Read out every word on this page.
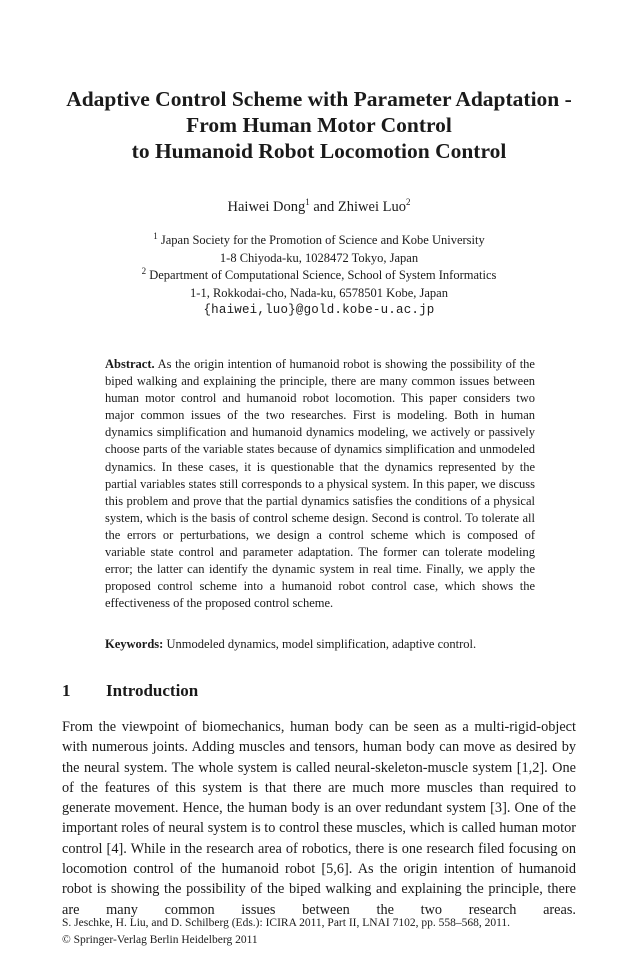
Adaptive Control Scheme with Parameter Adaptation -
From Human Motor Control
to Humanoid Robot Locomotion Control
Haiwei Dong$^1$ and Zhiwei Luo$^2$
$^1$ Japan Society for the Promotion of Science and Kobe University
1-8 Chiyoda-ku, 1028472 Tokyo, Japan
$^2$ Department of Computational Science, School of System Informatics
1-1, Rokkodai-cho, Nada-ku, 6578501 Kobe, Japan
{haiwei,luo}@gold.kobe-u.ac.jp

Abstract. As the origin intention of humanoid robot is showing the possibility of the biped walking and explaining the principle, there are many common issues between human motor control and humanoid robot locomotion. This paper considers two major common issues of the two researches. First is modeling. Both in human dynamics simplification and humanoid dynamics modeling, we actively or passively choose parts of the variable states because of dynamics simplification and unmodeled dynamics. In these cases, it is questionable that the dynamics represented by the partial variables states still corresponds to a physical system. In this paper, we discuss this problem and prove that the partial dynamics satisfies the conditions of a physical system, which is the basis of control scheme design. Second is control. To tolerate all the errors or perturbations, we design a control scheme which is composed of variable state control and parameter adaptation. The former can tolerate modeling error; the latter can identify the dynamic system in real time. Finally, we apply the proposed control scheme into a humanoid robot control case, which shows the effectiveness of the proposed control scheme.

Keywords: Unmodeled dynamics, model simplification, adaptive control.

1 Introduction

From the viewpoint of biomechanics, human body can be seen as a multi-rigid-object with numerous joints. Adding muscles and tensors, human body can move as desired by the neural system. The whole system is called neural-skeleton-muscle system [1,2]. One of the features of this system is that there are much more muscles than required to generate movement. Hence, the human body is an over redundant system [3]. One of the important roles of neural system is to control these muscles, which is called human motor control [4]. While in the research area of robotics, there is one research filed focusing on locomotion control of the humanoid robot [5,6]. As the origin intention of humanoid robot is showing the possibility of the biped walking and explaining the principle, there are many common issues between the two research areas.

S. Jeschke, H. Liu, and D. Schilberg (Eds.): ICIRA 2011, Part II, LNAI 7102, pp. 558–568, 2011.
© Springer-Verlag Berlin Heidelberg 2011
